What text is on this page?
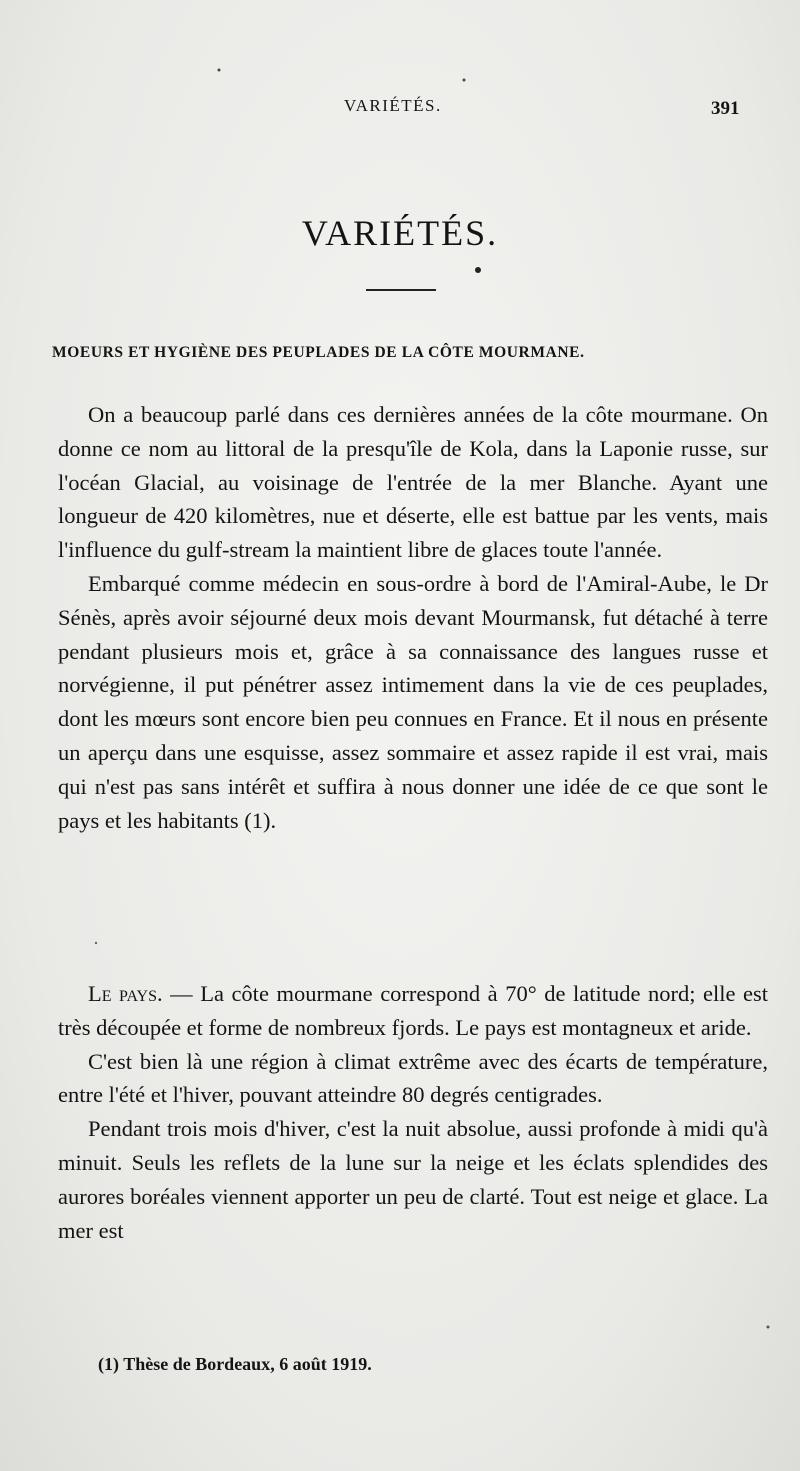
VARIÉTÉS.	391
VARIÉTÉS.
MOEURS ET HYGIÈNE DES PEUPLADES DE LA CÔTE MOURMANE.

On a beaucoup parlé dans ces dernières années de la côte mourmane. On donne ce nom au littoral de la presqu'île de Kola, dans la Laponie russe, sur l'océan Glacial, au voisinage de l'entrée de la mer Blanche. Ayant une longueur de 420 kilomètres, nue et déserte, elle est battue par les vents, mais l'influence du gulf-stream la maintient libre de glaces toute l'année.

Embarqué comme médecin en sous-ordre à bord de l'Amiral-Aube, le Dr Sénès, après avoir séjourné deux mois devant Mourmansk, fut détaché à terre pendant plusieurs mois et, grâce à sa connaissance des langues russe et norvégienne, il put pénétrer assez intimement dans la vie de ces peuplades, dont les mœurs sont encore bien peu connues en France. Et il nous en présente un aperçu dans une esquisse, assez sommaire et assez rapide il est vrai, mais qui n'est pas sans intérêt et suffira à nous donner une idée de ce que sont le pays et les habitants (1).

Le pays. — La côte mourmane correspond à 70° de latitude nord; elle est très découpée et forme de nombreux fjords. Le pays est montagneux et aride.

C'est bien là une région à climat extrême avec des écarts de température, entre l'été et l'hiver, pouvant atteindre 80 degrés centigrades.

Pendant trois mois d'hiver, c'est la nuit absolue, aussi profonde à midi qu'à minuit. Seuls les reflets de la lune sur la neige et les éclats splendides des aurores boréales viennent apporter un peu de clarté. Tout est neige et glace. La mer est

(1) Thèse de Bordeaux, 6 août 1919.
